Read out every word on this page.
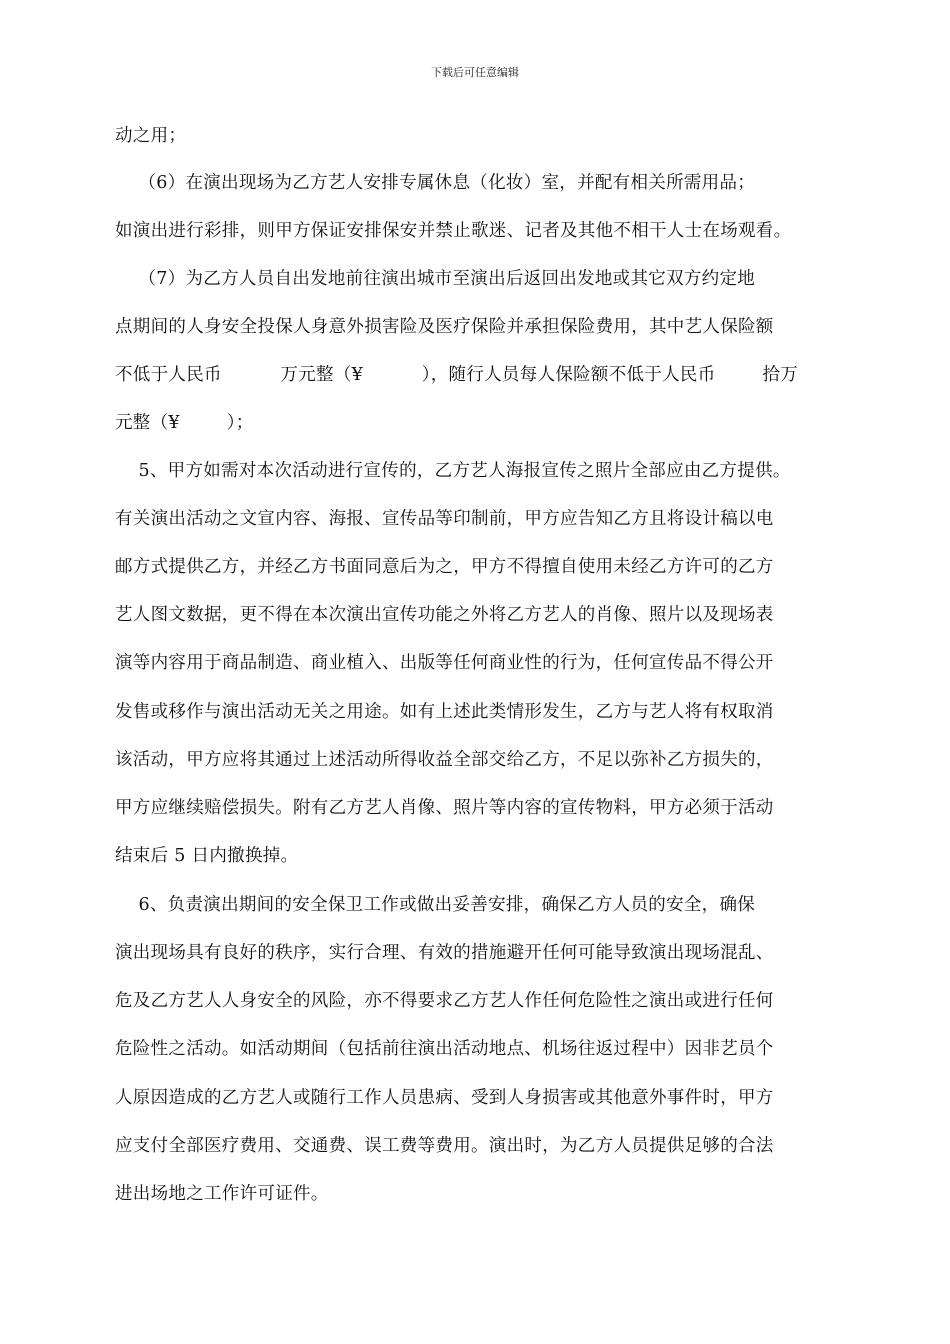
下载后可任意编辑
动之用；
（6）在演出现场为乙方艺人安排专属休息（化妆）室，并配有相关所需用品；
如演出进行彩排，则甲方保证安排保安并禁止歌迷、记者及其他不相干人士在场观看。
（7）为乙方人员自出发地前往演出城市至演出后返回出发地或其它双方约定地
点期间的人身安全投保人身意外损害险及医疗保险并承担保险费用，其中艺人保险额
不低于人民币          万元整（¥          ），随行人员每人保险额不低于人民币        拾万
元整（¥        ）；
5、甲方如需对本次活动进行宣传的，乙方艺人海报宣传之照片全部应由乙方提供。
有关演出活动之文宣内容、海报、宣传品等印制前，甲方应告知乙方且将设计稿以电
邮方式提供乙方，并经乙方书面同意后为之，甲方不得擅自使用未经乙方许可的乙方
艺人图文数据，更不得在本次演出宣传功能之外将乙方艺人的肖像、照片以及现场表
演等内容用于商品制造、商业植入、出版等任何商业性的行为，任何宣传品不得公开
发售或移作与演出活动无关之用途。如有上述此类情形发生，乙方与艺人将有权取消
该活动，甲方应将其通过上述活动所得收益全部交给乙方，不足以弥补乙方损失的，
甲方应继续赔偿损失。附有乙方艺人肖像、照片等内容的宣传物料，甲方必须于活动
结束后 5 日内撤换掉。
6、负责演出期间的安全保卫工作或做出妥善安排，确保乙方人员的安全，确保
演出现场具有良好的秩序，实行合理、有效的措施避开任何可能导致演出现场混乱、
危及乙方艺人人身安全的风险，亦不得要求乙方艺人作任何危险性之演出或进行任何
危险性之活动。如活动期间（包括前往演出活动地点、机场往返过程中）因非艺员个
人原因造成的乙方艺人或随行工作人员患病、受到人身损害或其他意外事件时，甲方
应支付全部医疗费用、交通费、误工费等费用。演出时，为乙方人员提供足够的合法
进出场地之工作许可证件。
